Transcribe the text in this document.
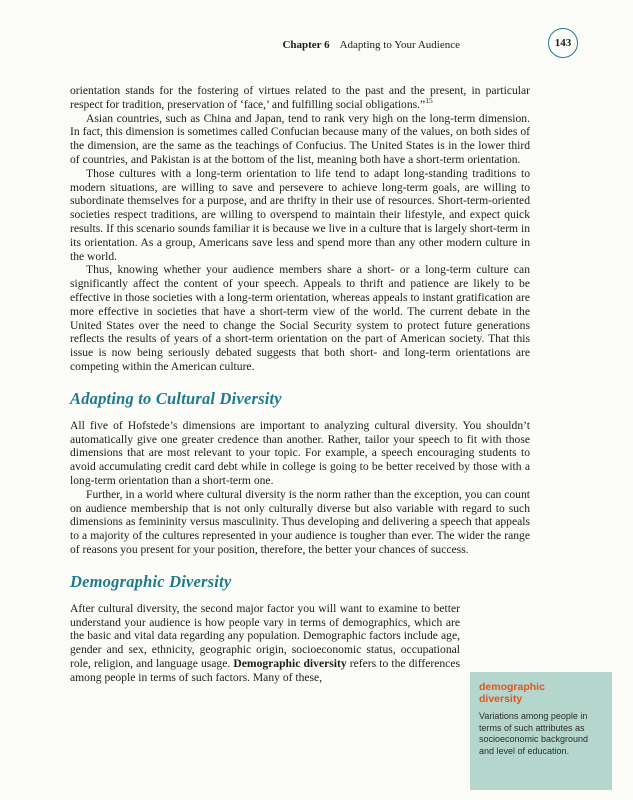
Chapter 6 Adapting to Your Audience	143

orientation stands for the fostering of virtues related to the past and the present, in particular respect for tradition, preservation of ‘face,’ and fulfilling social obligations.”$^{15}$

Asian countries, such as China and Japan, tend to rank very high on the long-term dimension. In fact, this dimension is sometimes called Confucian because many of the values, on both sides of the dimension, are the same as the teachings of Confucius. The United States is in the lower third of countries, and Pakistan is at the bottom of the list, meaning both have a short-term orientation.

Those cultures with a long-term orientation to life tend to adapt long-standing traditions to modern situations, are willing to save and persevere to achieve long-term goals, are willing to subordinate themselves for a purpose, and are thrifty in their use of resources. Short-term-oriented societies respect traditions, are willing to overspend to maintain their lifestyle, and expect quick results. If this scenario sounds familiar it is because we live in a culture that is largely short-term in its orientation. As a group, Americans save less and spend more than any other modern culture in the world.

Thus, knowing whether your audience members share a short- or a long-term culture can significantly affect the content of your speech. Appeals to thrift and patience are likely to be effective in those societies with a long-term orientation, whereas appeals to instant gratification are more effective in societies that have a short-term view of the world. The current debate in the United States over the need to change the Social Security system to protect future generations reflects the results of years of a short-term orientation on the part of American society. That this issue is now being seriously debated suggests that both short- and long-term orientations are competing within the American culture.

Adapting to Cultural Diversity

All five of Hofstede’s dimensions are important to analyzing cultural diversity. You shouldn’t automatically give one greater credence than another. Rather, tailor your speech to fit with those dimensions that are most relevant to your topic. For example, a speech encouraging students to avoid accumulating credit card debt while in college is going to be better received by those with a long-term orientation than a short-term one.

Further, in a world where cultural diversity is the norm rather than the exception, you can count on audience membership that is not only culturally diverse but also variable with regard to such dimensions as femininity versus masculinity. Thus developing and delivering a speech that appeals to a majority of the cultures represented in your audience is tougher than ever. The wider the range of reasons you present for your position, therefore, the better your chances of success.

Demographic Diversity

After cultural diversity, the second major factor you will want to examine to better understand your audience is how people vary in terms of demographics, which are the basic and vital data regarding any population. Demographic factors include age, gender and sex, ethnicity, geographic origin, socioeconomic status, occupational role, religion, and language usage. Demographic diversity refers to the differences among people in terms of such factors. Many of these,

demographic diversity

Variations among people in terms of such attributes as socioeconomic background and level of education.
